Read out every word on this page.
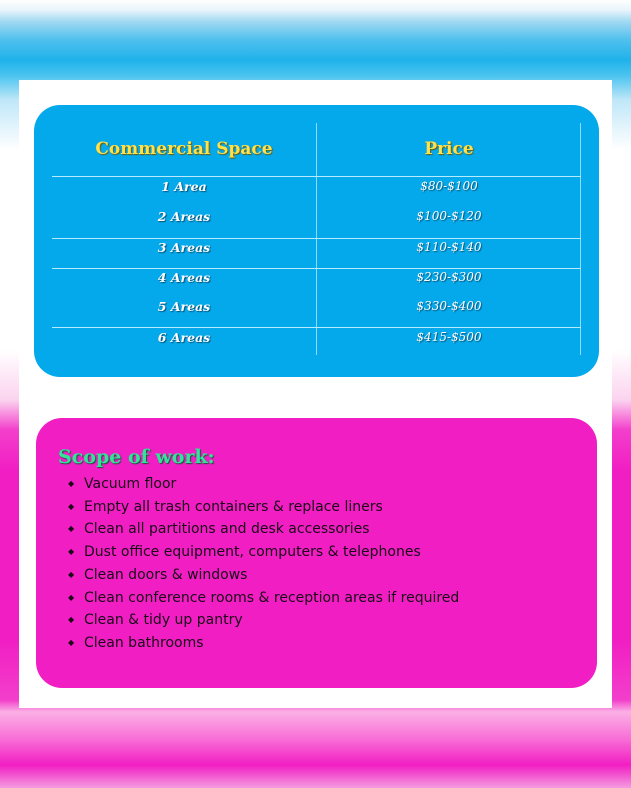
Commercial Space	Price
1 Area	$80-$100
2 Areas	$100-$120
3 Areas	$110-$140
4 Areas	$230-$300
5 Areas	$330-$400
6 Areas	$415-$500
Scope of work:
◆ Vacuum floor
◆ Empty all trash containers & replace liners
◆ Clean all partitions and desk accessories
◆ Dust office equipment, computers & telephones
◆ Clean doors & windows
◆ Clean conference rooms & reception areas if required
◆ Clean & tidy up pantry
◆ Clean bathrooms
